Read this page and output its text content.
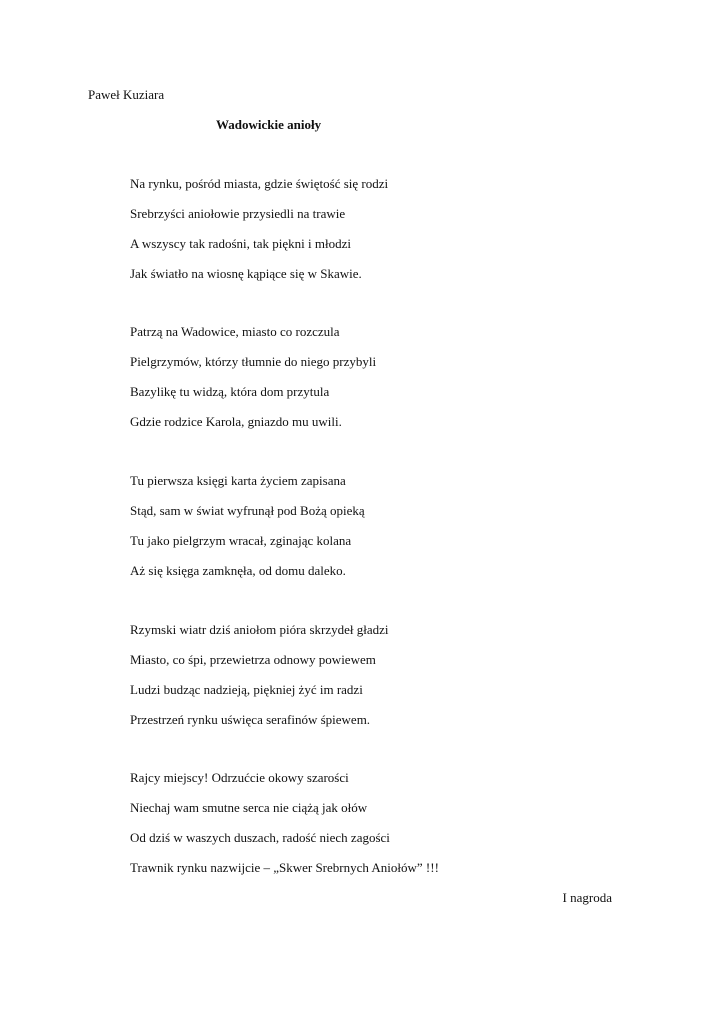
Paweł Kuziara
Wadowickie anioły
Na rynku, pośród miasta, gdzie świętość się rodzi
Srebrzyści aniołowie przysiedli na trawie
A wszyscy tak radośni, tak piękni i młodzi
Jak światło na wiosnę kąpiące się w Skawie.
Patrzą na Wadowice, miasto co rozczula
Pielgrzymów, którzy tłumnie do niego przybyli
Bazylikę tu widzą, która dom przytula
Gdzie rodzice Karola, gniazdo mu uwili.
Tu pierwsza księgi karta życiem zapisana
Stąd, sam w świat wyfrunął pod Bożą opieką
Tu jako pielgrzym wracał, zginając kolana
Aż się księga zamknęła, od domu daleko.
Rzymski wiatr dziś aniołom pióra skrzydeł gładzi
Miasto, co śpi, przewietrza odnowy powiewem
Ludzi budząc nadzieją, piękniej żyć im radzi
Przestrzeń rynku uświęca serafinów śpiewem.
Rajcy miejscy! Odrzućcie okowy szarości
Niechaj wam smutne serca nie ciążą jak ołów
Od dziś w waszych duszach, radość niech zagości
Trawnik rynku nazwijcie – „Skwer Srebrnych Aniołów” !!!
I nagroda
